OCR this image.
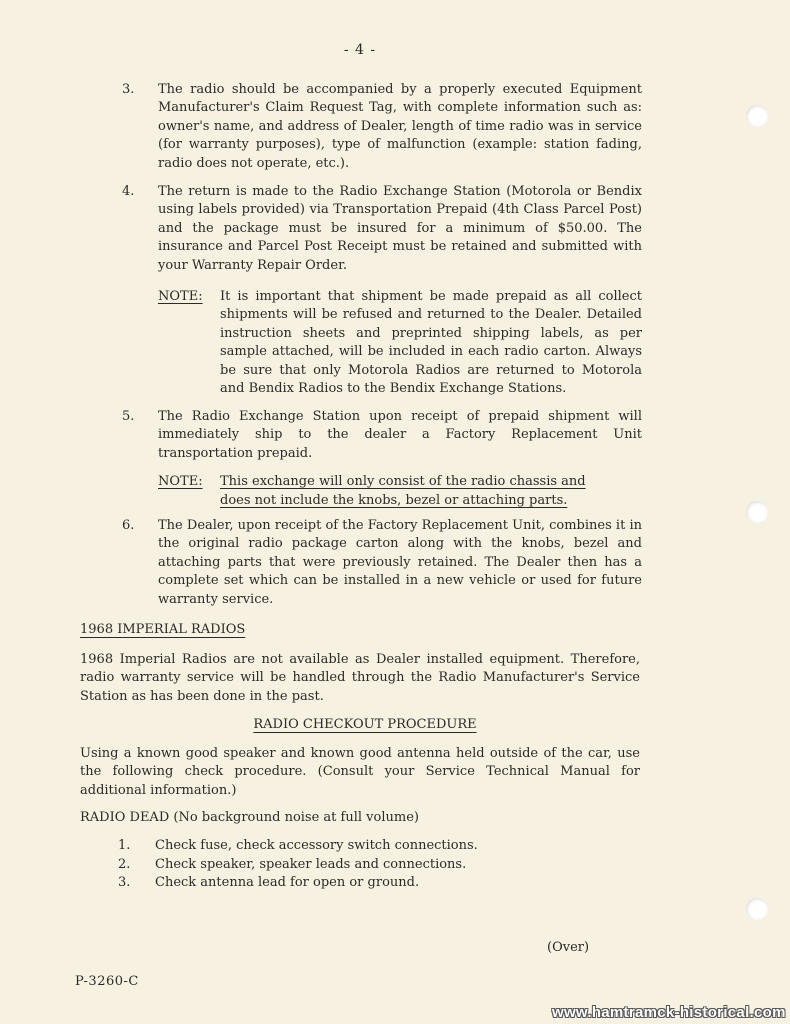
- 4 -
3. The radio should be accompanied by a properly executed Equipment Manufacturer's Claim Request Tag, with complete information such as: owner's name, and address of Dealer, length of time radio was in service (for warranty purposes), type of malfunction (example: station fading, radio does not operate, etc.).

4. The return is made to the Radio Exchange Station (Motorola or Bendix using labels provided) via Transportation Prepaid (4th Class Parcel Post) and the package must be insured for a minimum of $50.00. The insurance and Parcel Post Receipt must be retained and submitted with your Warranty Repair Order.

NOTE: It is important that shipment be made prepaid as all collect shipments will be refused and returned to the Dealer. Detailed instruction sheets and preprinted shipping labels, as per sample attached, will be included in each radio carton. Always be sure that only Motorola Radios are returned to Motorola and Bendix Radios to the Bendix Exchange Stations.

5. The Radio Exchange Station upon receipt of prepaid shipment will immediately ship to the dealer a Factory Replacement Unit transportation prepaid.

NOTE: This exchange will only consist of the radio chassis and
does not include the knobs, bezel or attaching parts.
6. The Dealer, upon receipt of the Factory Replacement Unit, combines it in the original radio package carton along with the knobs, bezel and attaching parts that were previously retained. The Dealer then has a complete set which can be installed in a new vehicle or used for future warranty service.

1968 IMPERIAL RADIOS

1968 Imperial Radios are not available as Dealer installed equipment. Therefore, radio warranty service will be handled through the Radio Manufacturer's Service Station as has been done in the past.

RADIO CHECKOUT PROCEDURE

Using a known good speaker and known good antenna held outside of the car, use the following check procedure. (Consult your Service Technical Manual for additional information.)

RADIO DEAD (No background noise at full volume)
1. Check fuse, check accessory switch connections.
2. Check speaker, speaker leads and connections.
3. Check antenna lead for open or ground.
(Over)
P-3260-C
www.hamtramck-historical.com
